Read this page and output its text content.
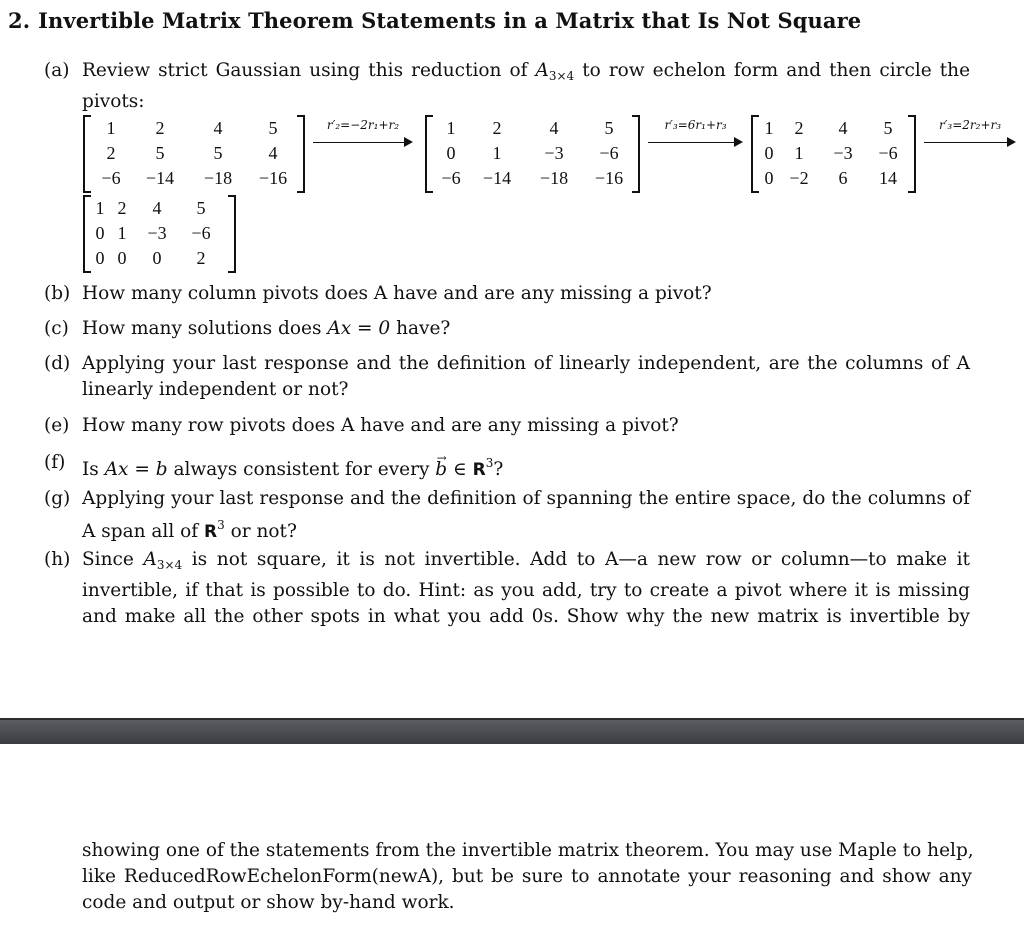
2. Invertible Matrix Theorem Statements in a Matrix that Is Not Square
(a) Review strict Gaussian using this reduction of $A_{3\times 4}$ to row echelon form and then circle the
pivots:
1	2	4	5
2	5	5	4
−6	−14	−18	−16
r′₂=−2r₁+r₂	1	2	4	5
0	1	−3	−6
−6	−14	−18	−16
r′₃=6r₁+r₃	1	2	4	5
0	1	−3	−6
0	−2	6	14
r′₃=2r₂+r₃
1	2	4	5
0	1	−3	−6
0	0	0	2
(b) How many column pivots does A have and are any missing a pivot?
(c) How many solutions does Ax = 0 have?
(d) Applying your last response and the definition of linearly independent, are the columns of A
linearly independent or not?
(e) How many row pivots does A have and are any missing a pivot?
(f) Is Ax = b always consistent for every → b ∈ $R^3$?
(g) Applying your last response and the definition of spanning the entire space, do the columns of
A span all of $R^3$ or not?
(h) Since $A_{3\times 4}$ is not square, it is not invertible. Add to A—a new row or column—to make it
invertible, if that is possible to do. Hint: as you add, try to create a pivot where it is missing
and make all the other spots in what you add 0s. Show why the new matrix is invertible by
showing one of the statements from the invertible matrix theorem. You may use Maple to help,
like ReducedRowEchelonForm(newA), but be sure to annotate your reasoning and show any
code and output or show by-hand work.
